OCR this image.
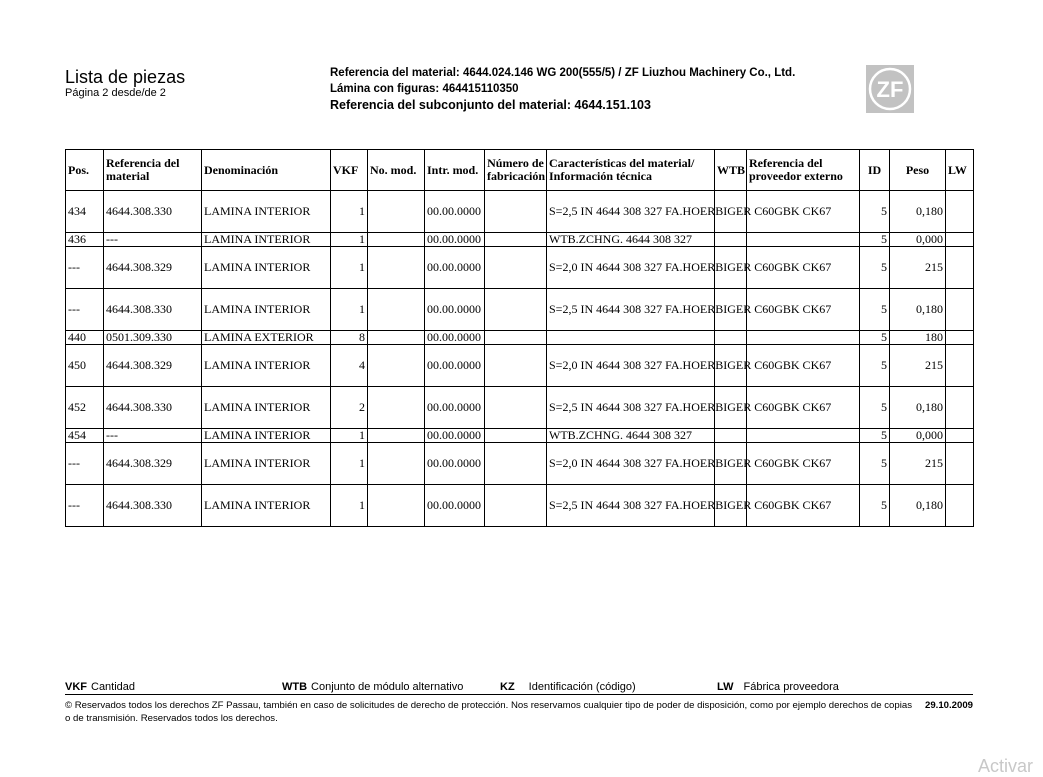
Lista de piezas
Página 2 desde/de 2
Referencia del material: 4644.024.146 WG 200(555/5) / ZF Liuzhou Machinery Co., Ltd.
Lámina con figuras: 464415110350
Referencia del subconjunto del material: 4644.151.103
ZF
Pos.	Referencia del material	Denominación	VKF	No. mod.	Intr. mod.	Número de fabricación	Características del material/ Información técnica	WTB	Referencia del proveedor externo	ID	Peso	LW
434	4644.308.330	LAMINA INTERIOR	1		00.00.0000		S=2,5 IN 4644 308 327 FA.HOERBIGER C60GBK CK67			5	0,180	
436	---	LAMINA INTERIOR	1		00.00.0000		WTB.ZCHNG. 4644 308 327			5	0,000	
---	4644.308.329	LAMINA INTERIOR	1		00.00.0000		S=2,0 IN 4644 308 327 FA.HOERBIGER C60GBK CK67			5	215	
---	4644.308.330	LAMINA INTERIOR	1		00.00.0000		S=2,5 IN 4644 308 327 FA.HOERBIGER C60GBK CK67			5	0,180	
440	0501.309.330	LAMINA EXTERIOR	8		00.00.0000					5	180	
450	4644.308.329	LAMINA INTERIOR	4		00.00.0000		S=2,0 IN 4644 308 327 FA.HOERBIGER C60GBK CK67			5	215	
452	4644.308.330	LAMINA INTERIOR	2		00.00.0000		S=2,5 IN 4644 308 327 FA.HOERBIGER C60GBK CK67			5	0,180	
454	---	LAMINA INTERIOR	1		00.00.0000		WTB.ZCHNG. 4644 308 327			5	0,000	
---	4644.308.329	LAMINA INTERIOR	1		00.00.0000		S=2,0 IN 4644 308 327 FA.HOERBIGER C60GBK CK67			5	215	
---	4644.308.330	LAMINA INTERIOR	1		00.00.0000		S=2,5 IN 4644 308 327 FA.HOERBIGER C60GBK CK67			5	0,180	
VKF Cantidad	WTB Conjunto de módulo alternativo	KZ Identificación (código)	LW Fábrica proveedora
© Reservados todos los derechos ZF Passau, también en caso de solicitudes de derecho de protección. Nos reservamos cualquier tipo de poder de disposición, como por ejemplo derechos de copias o de transmisión. Reservados todos los derechos.
29.10.2009
Activar
